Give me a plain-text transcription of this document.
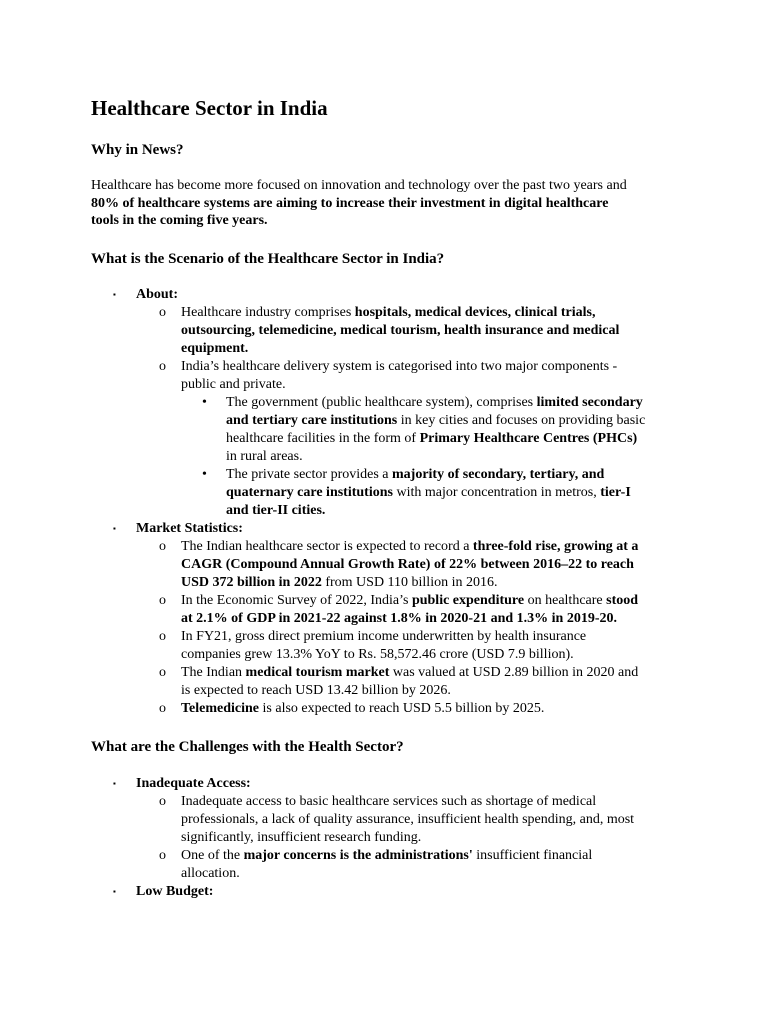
Healthcare Sector in India
Why in News?
Healthcare has become more focused on innovation and technology over the past two years and
80% of healthcare systems are aiming to increase their investment in digital healthcare
tools in the coming five years.
What is the Scenario of the Healthcare Sector in India?
▪ About:
o Healthcare industry comprises hospitals, medical devices, clinical trials,
outsourcing, telemedicine, medical tourism, health insurance and medical
equipment.
o India’s healthcare delivery system is categorised into two major components -
public and private.
• The government (public healthcare system), comprises limited secondary
and tertiary care institutions in key cities and focuses on providing basic
healthcare facilities in the form of Primary Healthcare Centres (PHCs)
in rural areas.
• The private sector provides a majority of secondary, tertiary, and
quaternary care institutions with major concentration in metros, tier-I
and tier-II cities.
▪ Market Statistics:
o The Indian healthcare sector is expected to record a three-fold rise, growing at a
CAGR (Compound Annual Growth Rate) of 22% between 2016–22 to reach
USD 372 billion in 2022 from USD 110 billion in 2016.
o In the Economic Survey of 2022, India’s public expenditure on healthcare stood
at 2.1% of GDP in 2021-22 against 1.8% in 2020-21 and 1.3% in 2019-20.
o In FY21, gross direct premium income underwritten by health insurance
companies grew 13.3% YoY to Rs. 58,572.46 crore (USD 7.9 billion).
o The Indian medical tourism market was valued at USD 2.89 billion in 2020 and
is expected to reach USD 13.42 billion by 2026.
o Telemedicine is also expected to reach USD 5.5 billion by 2025.
What are the Challenges with the Health Sector?
▪ Inadequate Access:
o Inadequate access to basic healthcare services such as shortage of medical
professionals, a lack of quality assurance, insufficient health spending, and, most
significantly, insufficient research funding.
o One of the major concerns is the administrations' insufficient financial
allocation.
▪ Low Budget:
